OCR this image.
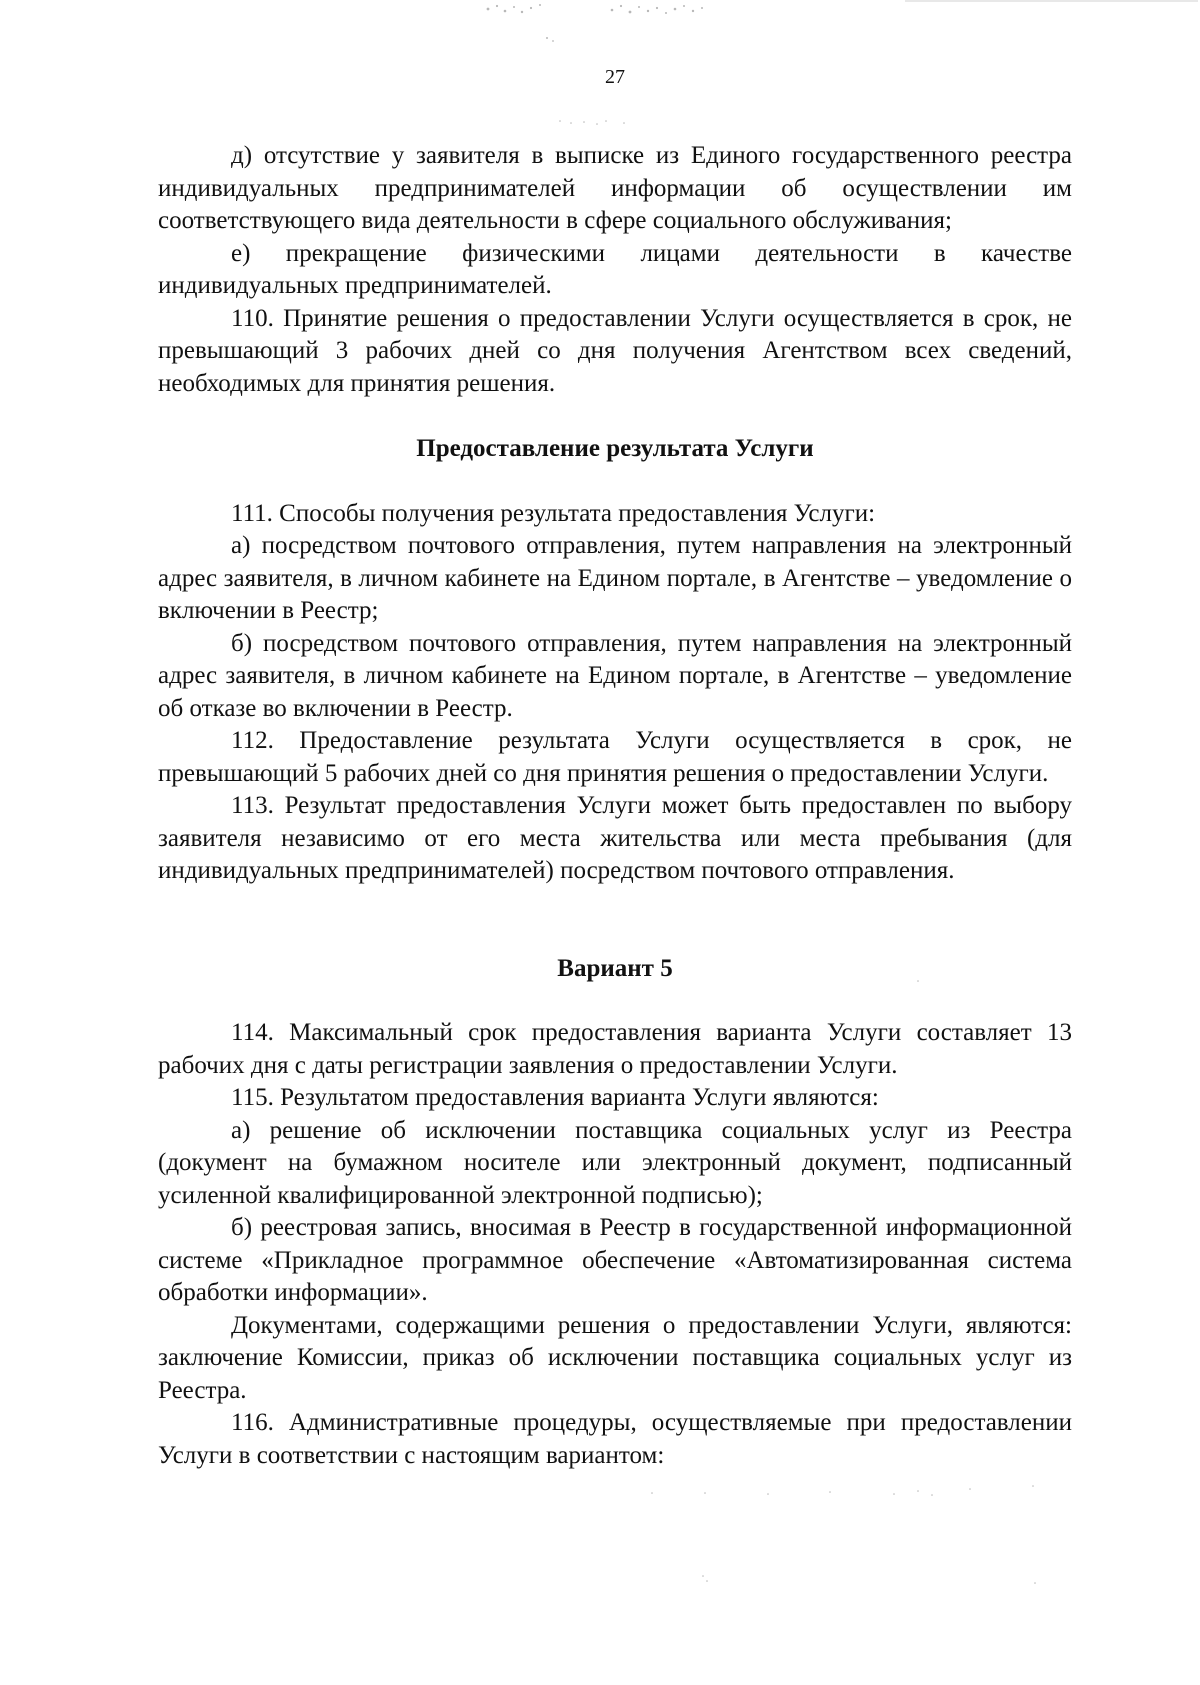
27

д) отсутствие у заявителя в выписке из Единого государственного реестра индивидуальных предпринимателей информации об осуществлении им соответствующего вида деятельности в сфере социального обслуживания;

е) прекращение физическими лицами деятельности в качестве индивидуальных предпринимателей.

110. Принятие решения о предоставлении Услуги осуществляется в срок, не превышающий 3 рабочих дней со дня получения Агентством всех сведений, необходимых для принятия решения.

Предоставление результата Услуги

111. Способы получения результата предоставления Услуги:

а) посредством почтового отправления, путем направления на электронный адрес заявителя, в личном кабинете на Едином портале, в Агентстве – уведомление о включении в Реестр;

б) посредством почтового отправления, путем направления на электронный адрес заявителя, в личном кабинете на Едином портале, в Агентстве – уведомление об отказе во включении в Реестр.

112. Предоставление результата Услуги осуществляется в срок, не превышающий 5 рабочих дней со дня принятия решения о предоставлении Услуги.

113. Результат предоставления Услуги может быть предоставлен по выбору заявителя независимо от его места жительства или места пребывания (для индивидуальных предпринимателей) посредством почтового отправления.

Вариант 5

114. Максимальный срок предоставления варианта Услуги составляет 13 рабочих дня с даты регистрации заявления о предоставлении Услуги.

115. Результатом предоставления варианта Услуги являются:

а) решение об исключении поставщика социальных услуг из Реестра (документ на бумажном носителе или электронный документ, подписанный усиленной квалифицированной электронной подписью);

б) реестровая запись, вносимая в Реестр в государственной информационной системе «Прикладное программное обеспечение «Автоматизированная система обработки информации».

Документами, содержащими решения о предоставлении Услуги, являются: заключение Комиссии, приказ об исключении поставщика социальных услуг из Реестра.

116. Административные процедуры, осуществляемые при предоставлении Услуги в соответствии с настоящим вариантом:
